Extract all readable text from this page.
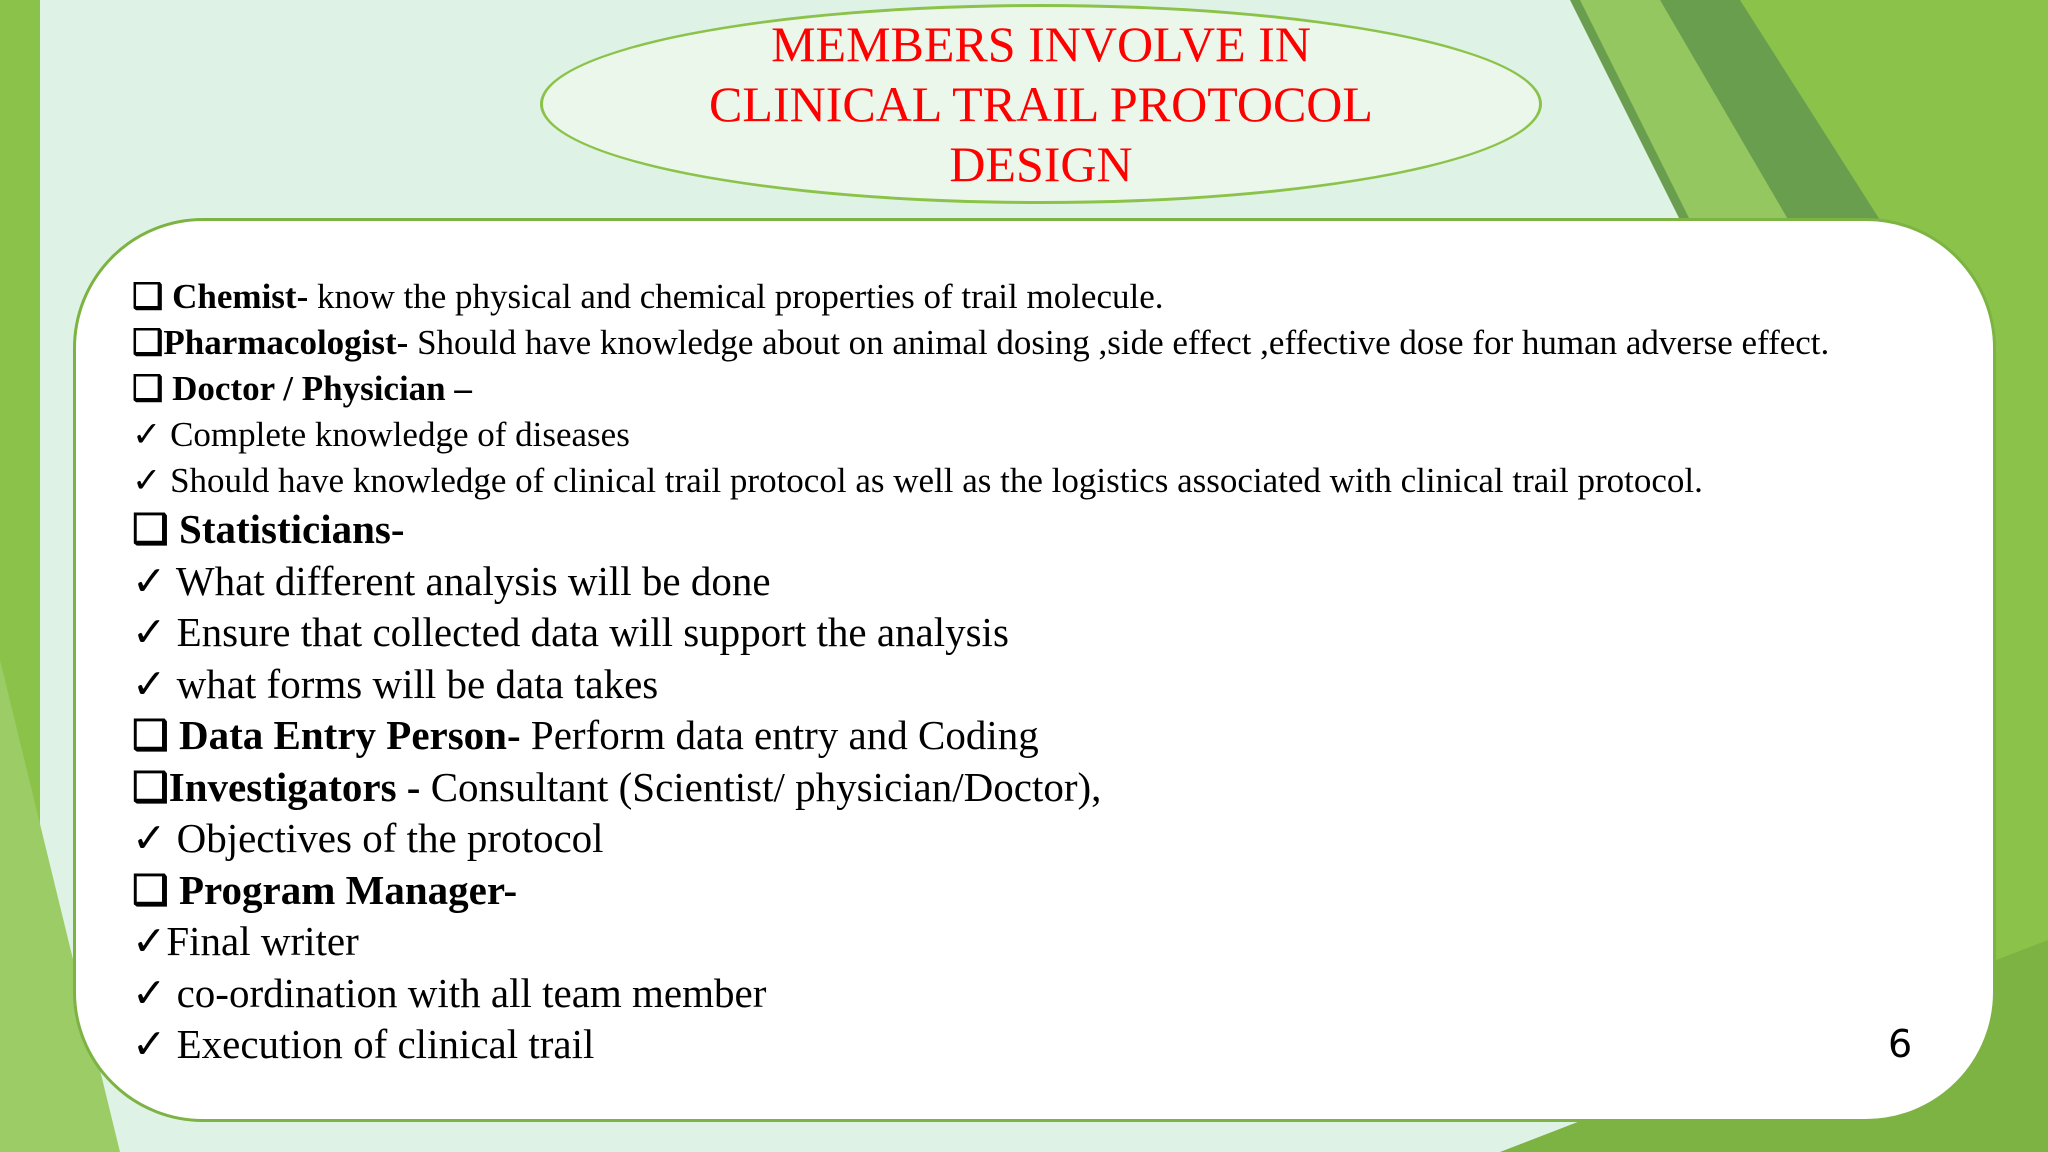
MEMBERS INVOLVE IN
CLINICAL TRAIL PROTOCOL
DESIGN

❑ Chemist- know the physical and chemical properties of trail molecule.

❑Pharmacologist- Should have knowledge about on animal dosing ,side effect ,effective dose for human adverse effect.

❑ Doctor / Physician –

✓ Complete knowledge of diseases

✓ Should have knowledge of clinical trail protocol as well as the logistics associated with clinical trail protocol.

❑ Statisticians-

✓ What different analysis will be done

✓ Ensure that collected data will support the analysis

✓ what forms will be data takes

❑ Data Entry Person- Perform data entry and Coding

❑Investigators - Consultant (Scientist/ physician/Doctor),

✓ Objectives of the protocol

❑ Program Manager-

✓Final writer

✓ co-ordination with all team member

✓ Execution of clinical trail	6
